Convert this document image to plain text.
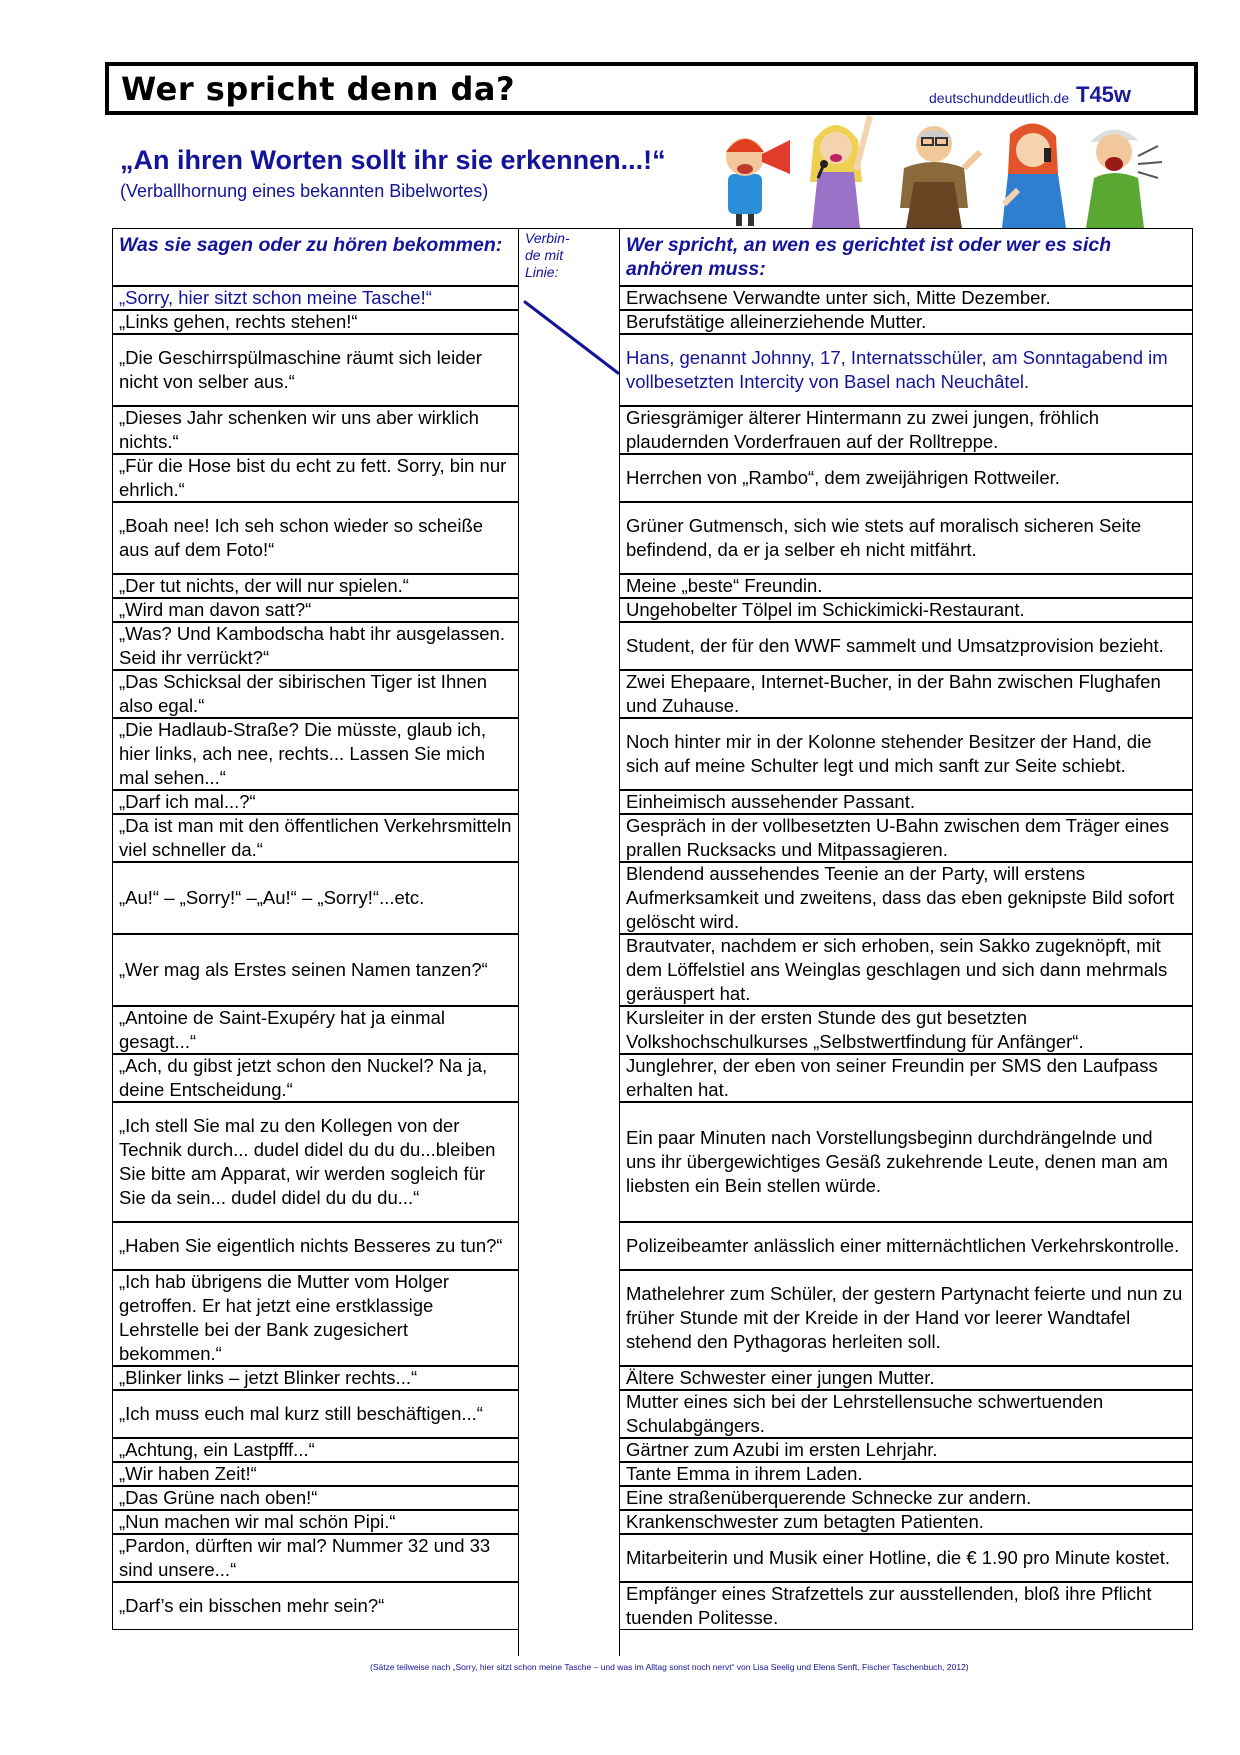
Wer spricht denn da?	deutschunddeutlich.de T45w
„An ihren Worten sollt ihr sie erkennen...!“
(Verballhornung eines bekannten Bibelwortes)
Was sie sagen oder zu hören bekommen:	Verbin-
de mit
Linie:
Wer spricht, an wen es gerichtet ist oder wer es sich anhören muss:
„Sorry, hier sitzt schon meine Tasche!“
„Links gehen, rechts stehen!“
„Die Geschirrspülmaschine räumt sich leider nicht von selber aus.“
„Dieses Jahr schenken wir uns aber wirklich nichts.“
„Für die Hose bist du echt zu fett. Sorry, bin nur ehrlich.“
„Boah nee! Ich seh schon wieder so scheiße aus auf dem Foto!“
„Der tut nichts, der will nur spielen.“
„Wird man davon satt?“
„Was? Und Kambodscha habt ihr ausgelassen. Seid ihr verrückt?“
„Das Schicksal der sibirischen Tiger ist Ihnen also egal.“
„Die Hadlaub-Straße? Die müsste, glaub ich, hier links, ach nee, rechts... Lassen Sie mich mal sehen...“
„Darf ich mal...?“
„Da ist man mit den öffentlichen Verkehrsmitteln viel schneller da.“
„Au!“ – „Sorry!“ –„Au!“ – „Sorry!“...etc.
„Wer mag als Erstes seinen Namen tanzen?“
„Antoine de Saint-Exupéry hat ja einmal gesagt...“
„Ach, du gibst jetzt schon den Nuckel? Na ja, deine Entscheidung.“
„Ich stell Sie mal zu den Kollegen von der Technik durch... dudel didel du du du...bleiben Sie bitte am Apparat, wir werden sogleich für Sie da sein... dudel didel du du du...“
„Haben Sie eigentlich nichts Besseres zu tun?“
„Ich hab übrigens die Mutter vom Holger getroffen. Er hat jetzt eine erstklassige Lehrstelle bei der Bank zugesichert bekommen.“
„Blinker links – jetzt Blinker rechts...“
„Ich muss euch mal kurz still beschäftigen...“
„Achtung, ein Lastpfff...“
„Wir haben Zeit!“
„Das Grüne nach oben!“
„Nun machen wir mal schön Pipi.“
„Pardon, dürften wir mal? Nummer 32 und 33 sind unsere...“
„Darf’s ein bisschen mehr sein?“
Erwachsene Verwandte unter sich, Mitte Dezember.
Berufstätige alleinerziehende Mutter.
Hans, genannt Johnny, 17, Internatsschüler, am Sonntagabend im vollbesetzten Intercity von Basel nach Neuchâtel.
Griesgrämiger älterer Hintermann zu zwei jungen, fröhlich plaudernden Vorderfrauen auf der Rolltreppe.
Herrchen von „Rambo“, dem zweijährigen Rottweiler.
Grüner Gutmensch, sich wie stets auf moralisch sicheren Seite befindend, da er ja selber eh nicht mitfährt.
Meine „beste“ Freundin.
Ungehobelter Tölpel im Schickimicki-Restaurant.
Student, der für den WWF sammelt und Umsatzprovision bezieht.
Zwei Ehepaare, Internet-Bucher, in der Bahn zwischen Flughafen und Zuhause.
Noch hinter mir in der Kolonne stehender Besitzer der Hand, die sich auf meine Schulter legt und mich sanft zur Seite schiebt.
Einheimisch aussehender Passant.
Gespräch in der vollbesetzten U-Bahn zwischen dem Träger eines prallen Rucksacks und Mitpassagieren.
Blendend aussehendes Teenie an der Party, will erstens Aufmerksamkeit und zweitens, dass das eben geknipste Bild sofort gelöscht wird.
Brautvater, nachdem er sich erhoben, sein Sakko zugeknöpft, mit dem Löffelstiel ans Weinglas geschlagen und sich dann mehrmals geräuspert hat.
Kursleiter in der ersten Stunde des gut besetzten Volkshochschulkurses „Selbstwertfindung für Anfänger“.
Junglehrer, der eben von seiner Freundin per SMS den Laufpass erhalten hat.
Ein paar Minuten nach Vorstellungsbeginn durchdrängelnde und uns ihr übergewichtiges Gesäß zukehrende Leute, denen man am liebsten ein Bein stellen würde.
Polizeibeamter anlässlich einer mitternächtlichen Verkehrskontrolle.
Mathelehrer zum Schüler, der gestern Partynacht feierte und nun zu früher Stunde mit der Kreide in der Hand vor leerer Wandtafel stehend den Pythagoras herleiten soll.
Ältere Schwester einer jungen Mutter.
Mutter eines sich bei der Lehrstellensuche schwertuenden Schulabgängers.
Gärtner zum Azubi im ersten Lehrjahr.
Tante Emma in ihrem Laden.
Eine straßenüberquerende Schnecke zur andern.
Krankenschwester zum betagten Patienten.
Mitarbeiterin und Musik einer Hotline, die € 1.90 pro Minute kostet.
Empfänger eines Strafzettels zur ausstellenden, bloß ihre Pflicht tuenden Politesse.
(Sätze teilweise nach „Sorry, hier sitzt schon meine Tasche – und was im Alltag sonst noch nervt“ von Lisa Seelig und Elena Senft, Fischer Taschenbuch, 2012)
